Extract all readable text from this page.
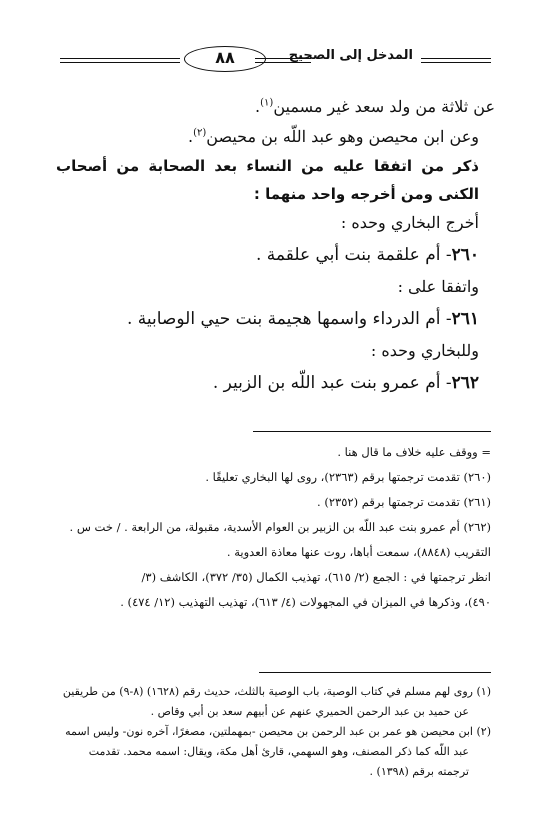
المدخل إلى الصحيح
٨٨

عن ثلاثة من ولد سعد غير مسمين$^{(١)}$.

وعن ابن محيصن وهو عبد اللّه بن محيصن$^{(٢)}$.

ذكر من اتفقا عليه من النساء بعد الصحابة من أصحاب الكنى ومن أخرجه واحد منهما :

أخرج البخاري وحده :

٢٦٠- أم علقمة بنت أبي علقمة .

واتفقا على :

٢٦١- أم الدرداء واسمها هجيمة بنت حيي الوصابية .

وللبخاري وحده :

٢٦٢- أم عمرو بنت عبد اللّه بن الزبير .

= ووقف عليه خلاف ما قال هنا .

(٢٦٠) تقدمت ترجمتها برقم (٢٣٦٣)، روى لها البخاري تعليقًا .

(٢٦١) تقدمت ترجمتها برقم (٢٣٥٢) .

(٢٦٢) أم عمرو بنت عبد اللّه بن الزبير بن العوام الأسدية، مقبولة، من الرابعة . / خت س .

التقريب (٨٨٤٨)، سمعت أباها، روت عنها معاذة العدوية .

انظر ترجمتها في : الجمع (٢/ ٦١٥)، تهذيب الكمال (٣٥/ ٣٧٢)، الكاشف (٣/

٤٩٠)، وذكرها في الميزان في المجهولات (٤/ ٦١٣)، تهذيب التهذيب (١٢/ ٤٧٤) .

(١) روى لهم مسلم في كتاب الوصية، باب الوصية بالثلث، حديث رقم (١٦٢٨) (٨-٩) من طريقين

عن حميد بن عبد الرحمن الحميري عنهم عن أبيهم سعد بن أبي وقاص .

(٢) ابن محيصن هو عمر بن عبد الرحمن بن محيصن -بمهملتين، مصغرًا، آخره نون- وليس اسمه

عبد اللّه كما ذكر المصنف، وهو السهمي، قارئ أهل مكة، ويقال: اسمه محمد. تقدمت

ترجمته برقم (١٣٩٨) .
